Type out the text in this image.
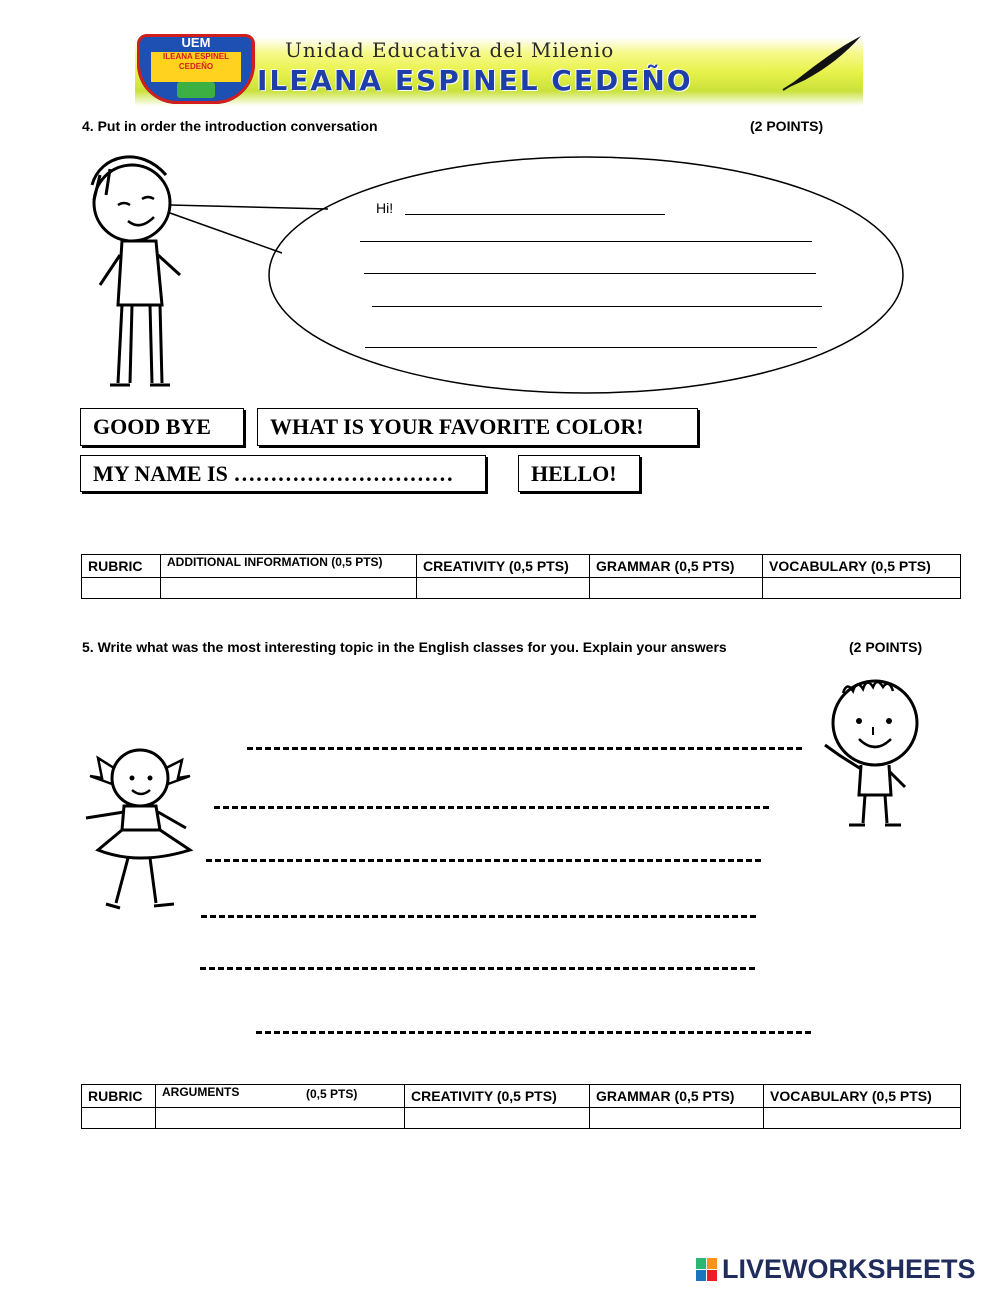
UEM
ILEANA ESPINEL CEDEÑO
Unidad Educativa del Milenio
ILEANA ESPINEL CEDEÑO
4. Put in order the introduction conversation	(2 POINTS)
Hi!
GOOD BYE	WHAT IS YOUR FAVORITE COLOR!
MY NAME IS …………………………	HELLO!
RUBRIC	ADDITIONAL INFORMATION (0,5 PTS)	CREATIVITY (0,5 PTS)	GRAMMAR (0,5 PTS)	VOCABULARY (0,5 PTS)

5. Write what was the most interesting topic in the English classes for you. Explain your answers	(2 POINTS)
RUBRIC	ARGUMENTS (0,5 PTS)	CREATIVITY (0,5 PTS)	GRAMMAR (0,5 PTS)	VOCABULARY (0,5 PTS)

LIVEWORKSHEETS
